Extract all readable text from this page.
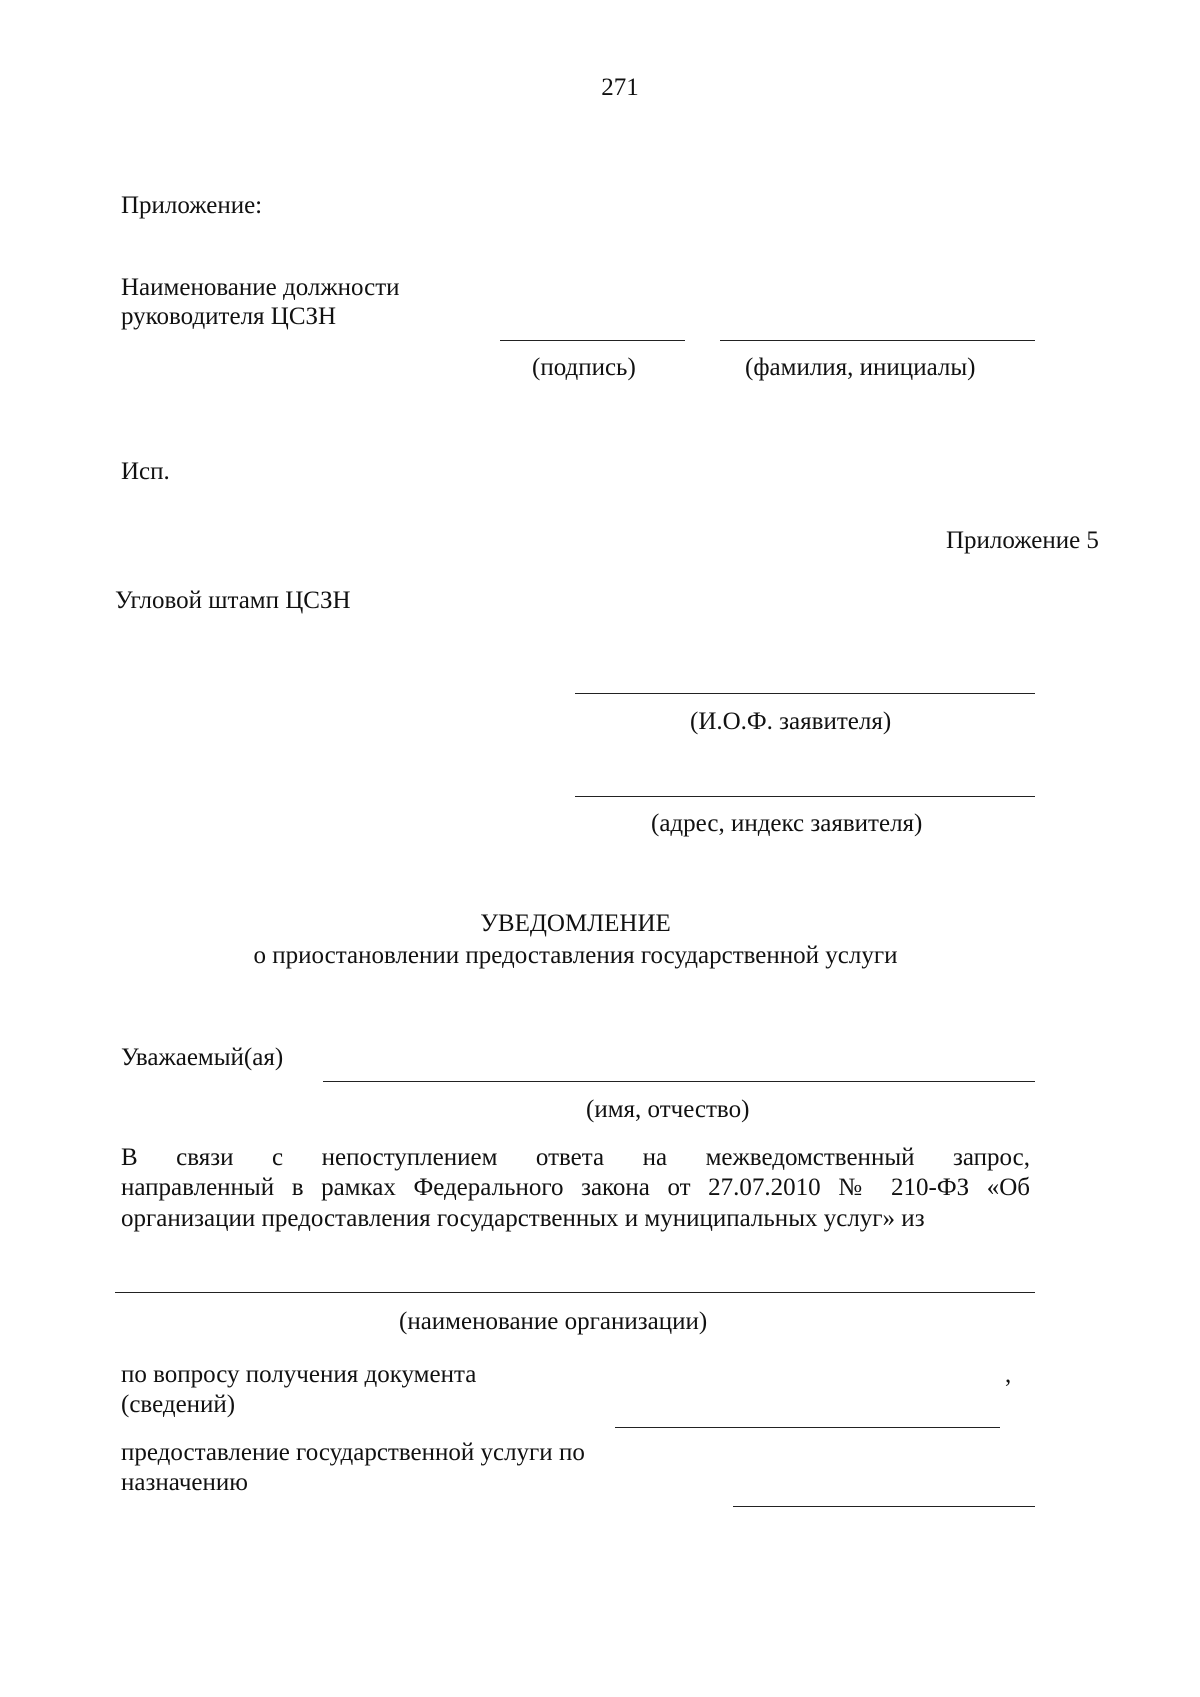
271
Приложение:
Наименование должности
руководителя ЦСЗН
(подпись)	(фамилия, инициалы)
Исп.
Приложение 5
Угловой штамп ЦСЗН
(И.О.Ф. заявителя)
(адрес, индекс заявителя)
УВЕДОМЛЕНИЕ
о приостановлении предоставления государственной услуги
Уважаемый(ая)
(имя, отчество)
В связи с непоступлением ответа на межведомственный запрос,
направленный в рамках Федерального закона от 27.07.2010 № 210-ФЗ «Об
организации предоставления государственных и муниципальных услуг» из
(наименование организации)
по вопросу получения документа	,
(сведений)
предоставление государственной услуги по
назначению
